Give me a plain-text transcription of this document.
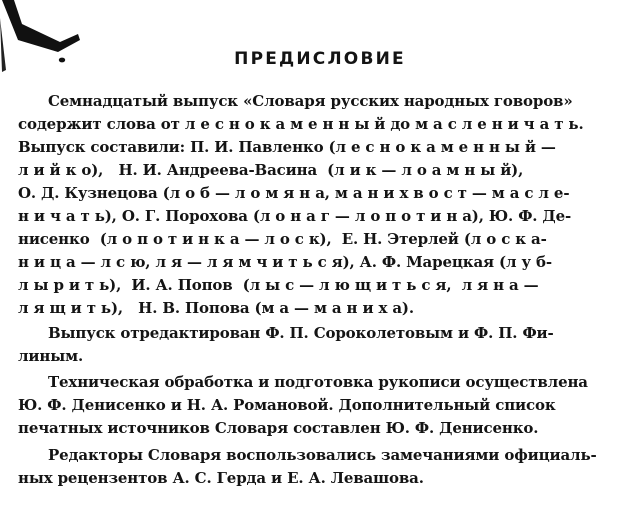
ПРЕДИСЛОВИЕ
Семнадцатый выпуск «Словаря русских народных говоров»
содержит слова от л е с н о к а м е н н ы й до м а с л е н и ч а т ь.
Выпуск составили: П. И. Павленко (л е с н о к а м е н н ы й —
л и й к о),   Н. И. Андреева-Васина  (л и к — л о а м н ы й),
О. Д. Кузнецова (л о б — л о м я н а, м а н и х в о с т — м а с л е-
н и ч а т ь), О. Г. Порохова (л о н а г — л о п о т и н а), Ю. Ф. Де-
нисенко  (л о п о т и н к а — л о с к),  Е. Н. Этерлей (л о с к а-
н и ц а — л с ю, л я — л я м ч и т ь с я), А. Ф. Марецкая (л у б-
л ы р и т ь),  И. А. Попов  (л ы с — л ю щ и т ь с я,  л я н а —
л я щ и т ь),   Н. В. Попова (м а — м а н и х а).
Выпуск отредактирован Ф. П. Сороколетовым и Ф. П. Фи-
линым.
Техническая обработка и подготовка рукописи осуществлена
Ю. Ф. Денисенко и Н. А. Романовой. Дополнительный список
печатных источников Словаря составлен Ю. Ф. Денисенко.
Редакторы Словаря воспользовались замечаниями официаль-
ных рецензентов А. С. Герда и Е. А. Левашова.
